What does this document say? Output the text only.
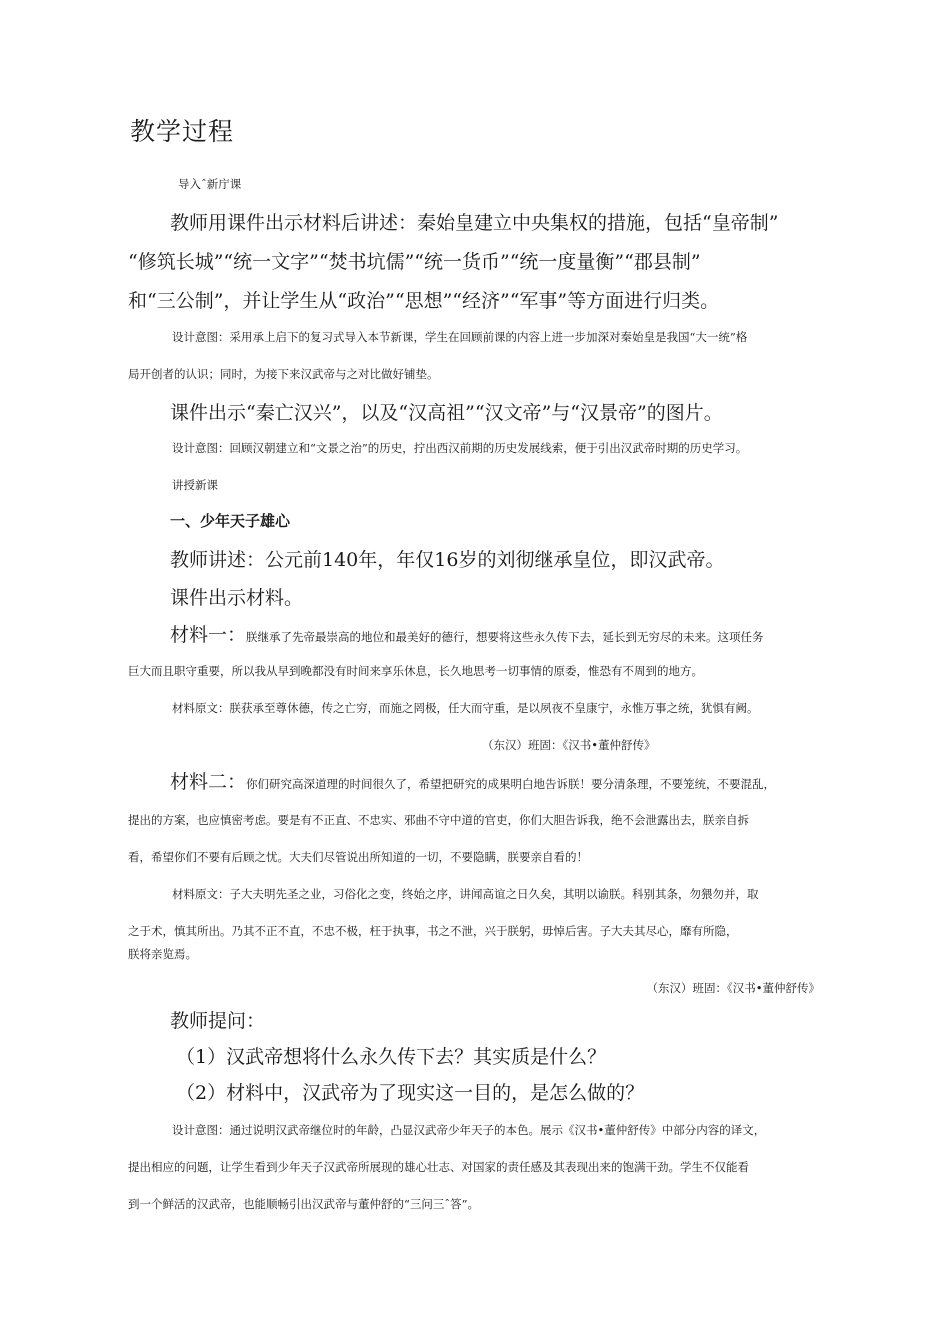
教学过程
导入ˆ新庁课
教师用课件出示材料后讲述：秦始皇建立中央集权的措施，包括“皇帝制”
“修筑长城”“统一文字”“焚书坑儒”“统一货币”“统一度量衡”“郡县制”
和“三公制”，并让学生从“政治”“思想”“经济”“军事”等方面进行归类。
设计意图：采用承上启下的复习式导入本节新课，学生在回顾前课的内容上进一步加深对秦始皇是我国“大一统”格
局开创者的认识；同时，为接下来汉武帝与之对比做好铺垫。
课件出示“秦亡汉兴”，以及“汉高祖”“汉文帝”与“汉景帝”的图片。
设计意图：回顾汉朝建立和“文景之治”的历史，拧出西汉前期的历史发展线索，便于引出汉武帝时期的历史学习。
讲授新课
一、少年天子雄心
教师讲述：公元前140年，年仅16岁的刘彻继承皇位，即汉武帝。
课件出示材料。
材料一：朕继承了先帝最崇高的地位和最美好的德行，想要将这些永久传下去，延长到无穷尽的未来。这项任务
巨大而且职守重要，所以我从早到晚都没有时间来享乐休息，长久地思考一切事情的原委，惟恐有不周到的地方。
材料原文：朕获承至尊休德，传之亡穷，而施之罔极，任大而守重，是以夙夜不皇康宁，永惟万事之统，犹惧有阙。
（东汉）班固：《汉书•董仲舒传》
材料二：你们研究高深道理的时间很久了，希望把研究的成果明白地告诉朕！要分清条理，不要笼统，不要混乱，
提出的方案，也应慎密考虑。要是有不正直、不忠实、邪曲不守中道的官吏，你们大胆告诉我，绝不会泄露出去，朕亲自拆
看，希望你们不要有后顾之忧。大夫们尽管说出所知道的一切，不要隐瞒，朕要亲自看的！
材料原文：子大夫明先圣之业，习俗化之变，终始之序，讲闻高谊之日久矣，其明以谕朕。科别其条，勿猥勿并，取
之于术，慎其所出。乃其不正不直，不忠不极，枉于执事，书之不泄，兴于朕躬，毋悼后害。子大夫其尽心，靡有所隐，
朕将亲览焉。
（东汉）班固：《汉书•董仲舒传》
教师提问：
（1）汉武帝想将什么永久传下去？其实质是什么？
（2）材料中，汉武帝为了现实这一目的，是怎么做的？
设计意图：通过说明汉武帝继位时的年龄，凸显汉武帝少年天子的本色。展示《汉书•董仲舒传》中部分内容的译文，
提出相应的问题，让学生看到少年天子汉武帝所展现的雄心壮志、对国家的责任感及其表现出来的饱满干劲。学生不仅能看
到一个鲜活的汉武帝，也能顺畅引出汉武帝与董仲舒的“三问三ˆ答”。
